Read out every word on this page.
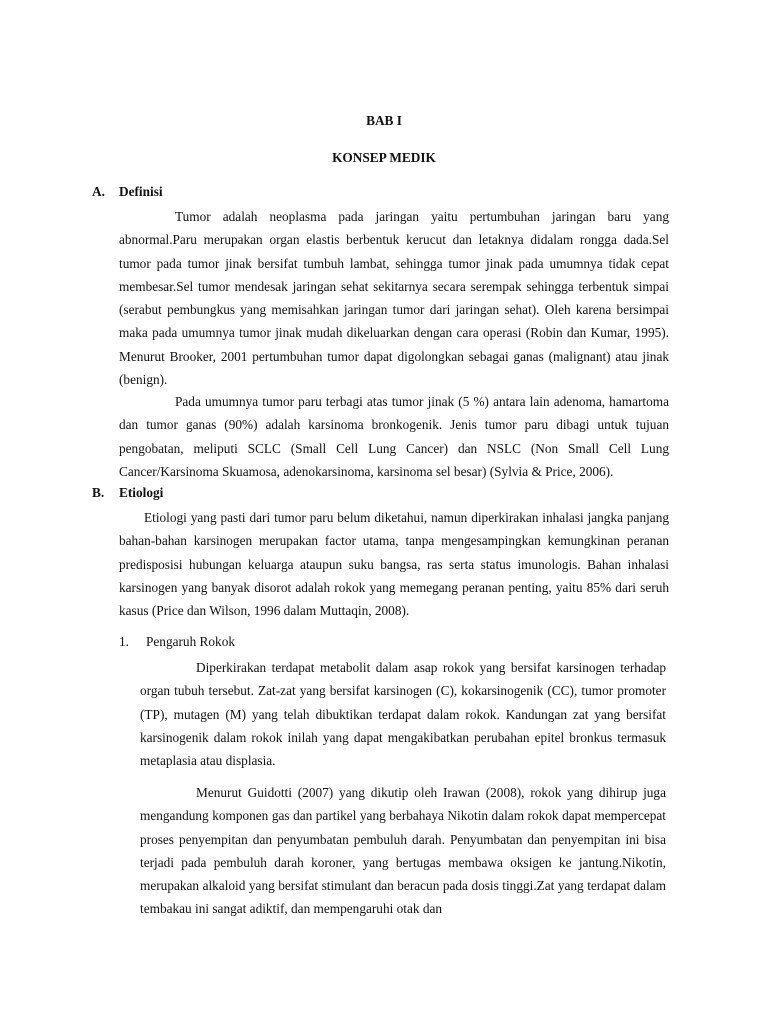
BAB I
KONSEP MEDIK
A. Definisi

Tumor adalah neoplasma pada jaringan yaitu pertumbuhan jaringan baru yang abnormal.Paru merupakan organ elastis berbentuk kerucut dan letaknya didalam rongga dada.Sel tumor pada tumor jinak bersifat tumbuh lambat, sehingga tumor jinak pada umumnya tidak cepat membesar.Sel tumor mendesak jaringan sehat sekitarnya secara serempak sehingga terbentuk simpai (serabut pembungkus yang memisahkan jaringan tumor dari jaringan sehat). Oleh karena bersimpai maka pada umumnya tumor jinak mudah dikeluarkan dengan cara operasi (Robin dan Kumar, 1995). Menurut Brooker, 2001 pertumbuhan tumor dapat digolongkan sebagai ganas (malignant) atau jinak (benign).

Pada umumnya tumor paru terbagi atas tumor jinak (5 %) antara lain adenoma, hamartoma dan tumor ganas (90%) adalah karsinoma bronkogenik. Jenis tumor paru dibagi untuk tujuan pengobatan, meliputi SCLC (Small Cell Lung Cancer) dan NSLC (Non Small Cell Lung Cancer/Karsinoma Skuamosa, adenokarsinoma, karsinoma sel besar) (Sylvia & Price, 2006).

B. Etiologi

Etiologi yang pasti dari tumor paru belum diketahui, namun diperkirakan inhalasi jangka panjang bahan-bahan karsinogen merupakan factor utama, tanpa mengesampingkan kemungkinan peranan predisposisi hubungan keluarga ataupun suku bangsa, ras serta status imunologis. Bahan inhalasi karsinogen yang banyak disorot adalah rokok yang memegang peranan penting, yaitu 85% dari seruh kasus (Price dan Wilson, 1996 dalam Muttaqin, 2008).

1. Pengaruh Rokok

Diperkirakan terdapat metabolit dalam asap rokok yang bersifat karsinogen terhadap organ tubuh tersebut. Zat-zat yang bersifat karsinogen (C), kokarsinogenik (CC), tumor promoter (TP), mutagen (M) yang telah dibuktikan terdapat dalam rokok. Kandungan zat yang bersifat karsinogenik dalam rokok inilah yang dapat mengakibatkan perubahan epitel bronkus termasuk metaplasia atau displasia.

Menurut Guidotti (2007) yang dikutip oleh Irawan (2008), rokok yang dihirup juga mengandung komponen gas dan partikel yang berbahaya Nikotin dalam rokok dapat mempercepat proses penyempitan dan penyumbatan pembuluh darah. Penyumbatan dan penyempitan ini bisa terjadi pada pembuluh darah koroner, yang bertugas membawa oksigen ke jantung.Nikotin, merupakan alkaloid yang bersifat stimulant dan beracun pada dosis tinggi.Zat yang terdapat dalam tembakau ini sangat adiktif, dan mempengaruhi otak dan
